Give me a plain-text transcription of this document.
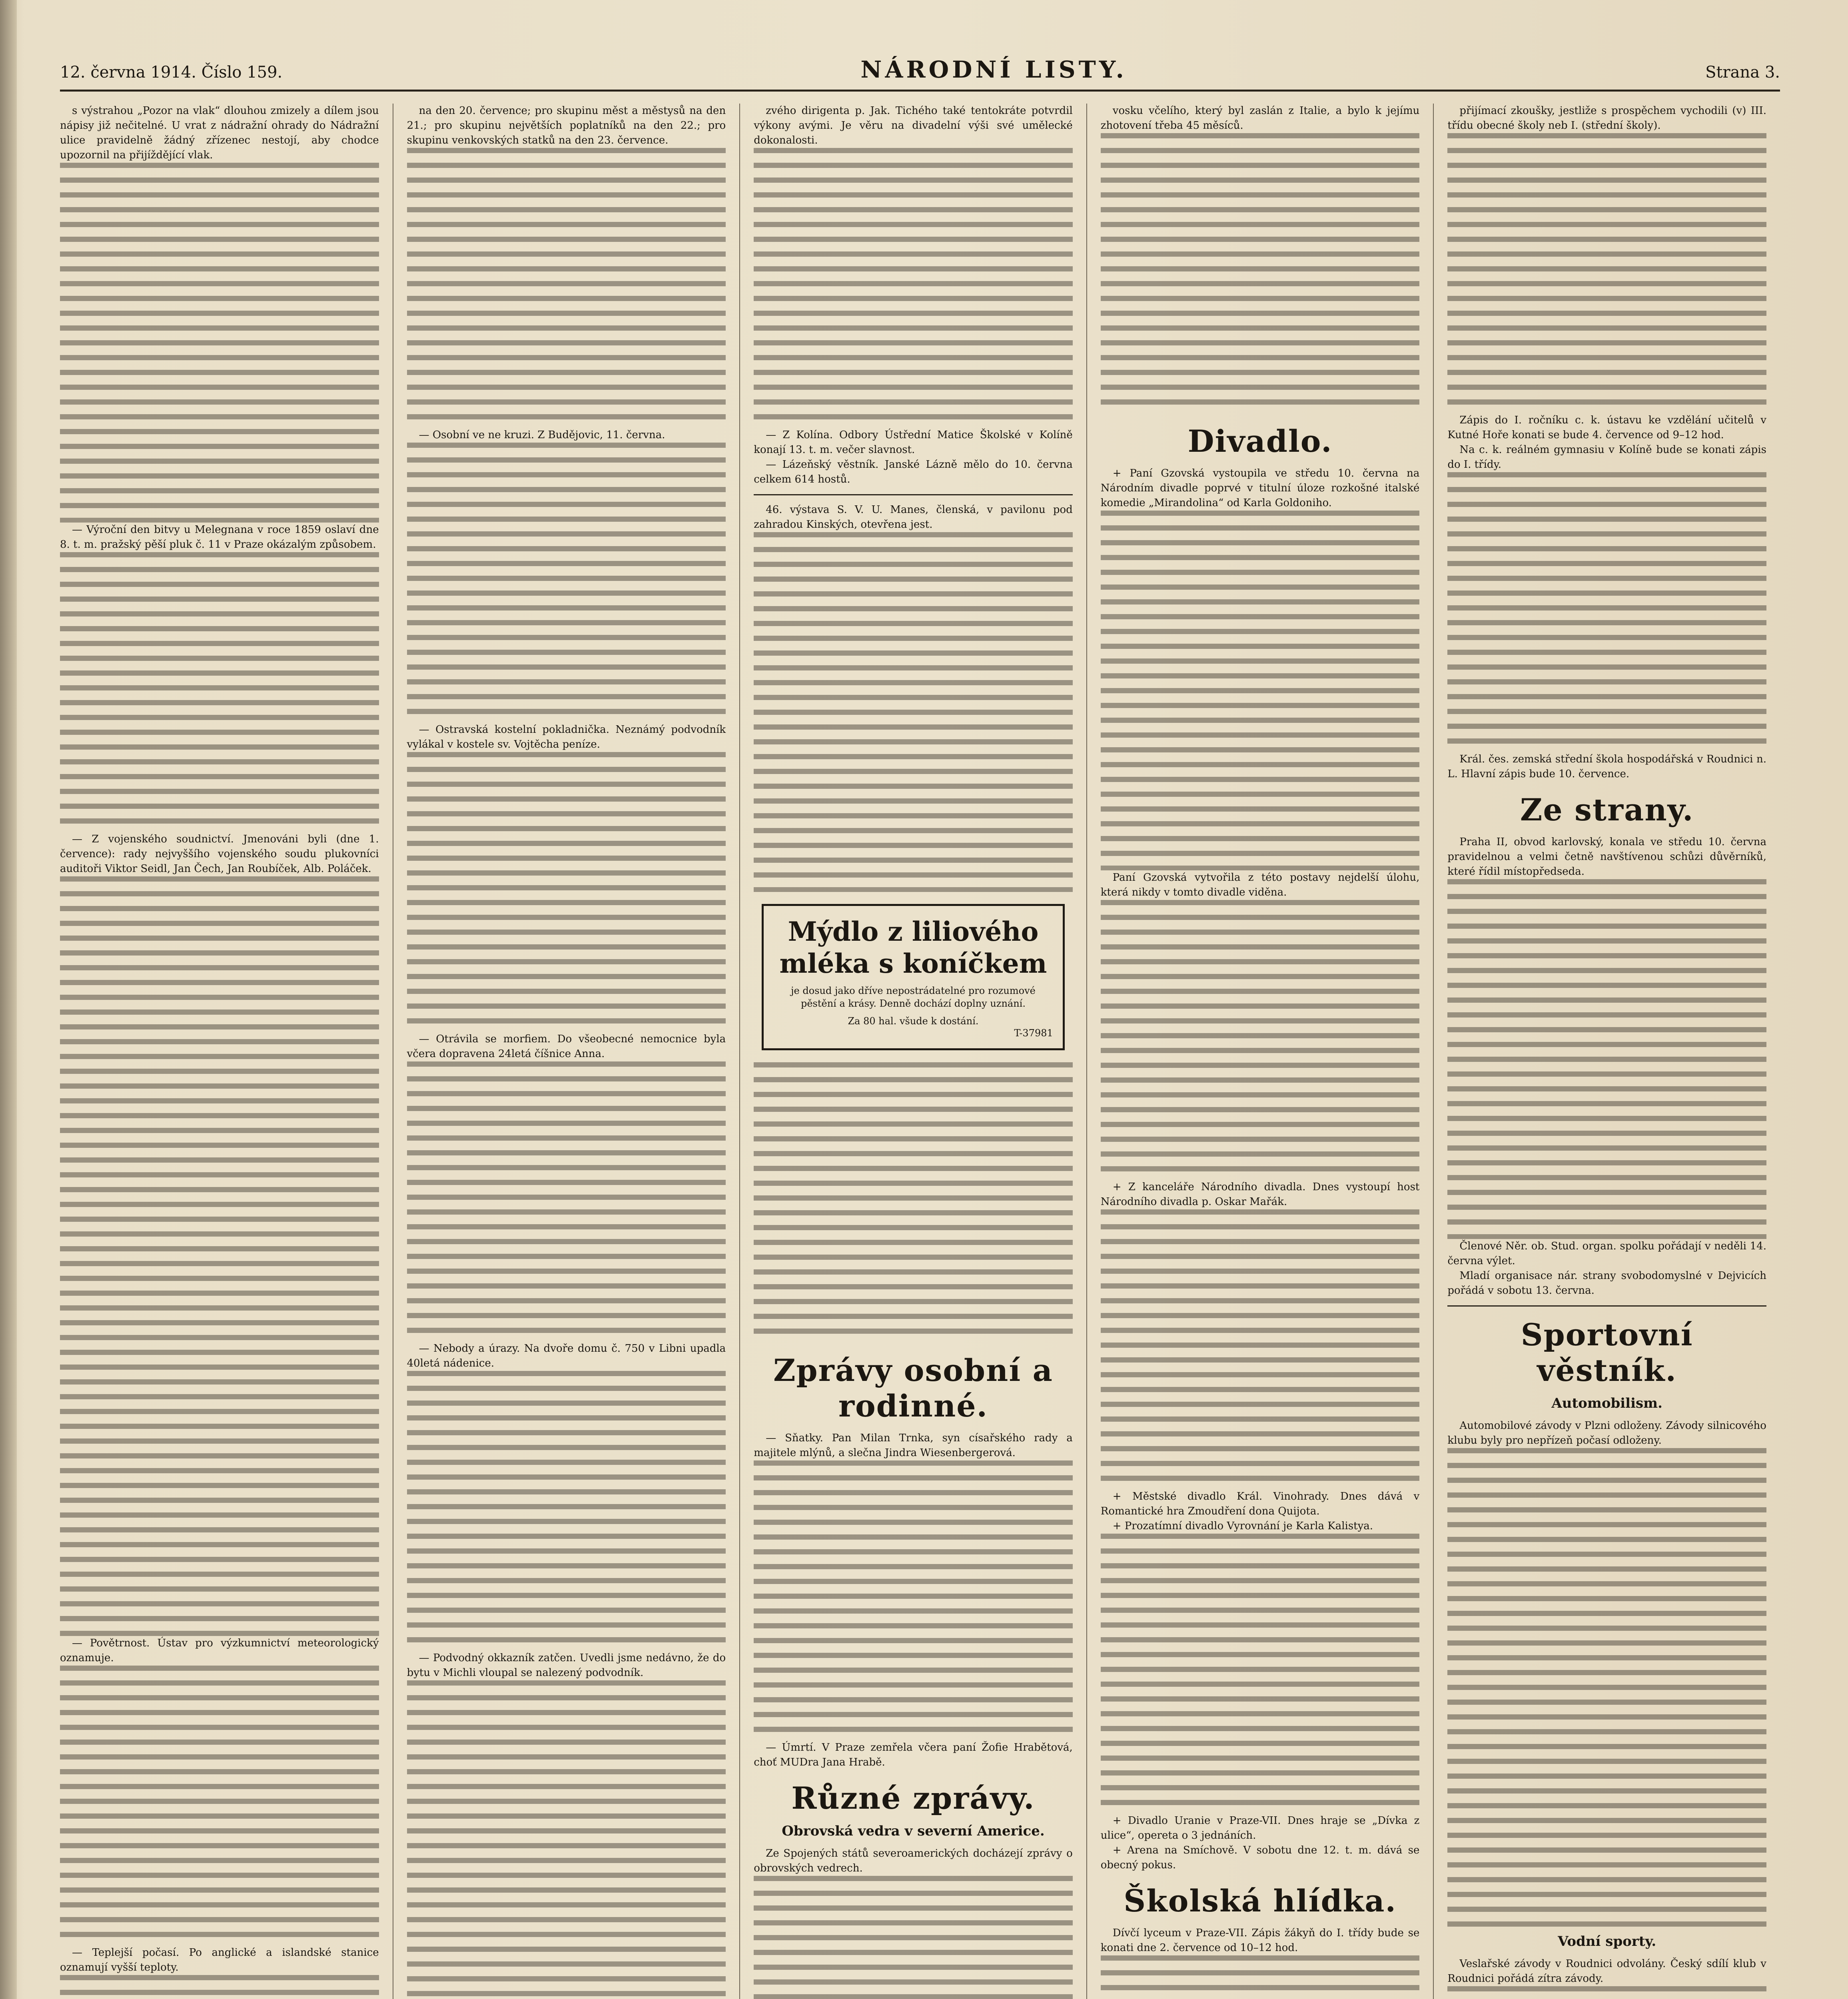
12. června 1914. Číslo 159.	NÁRODNÍ LISTY.	Strana 3.

s výstrahou „Pozor na vlak“ dlouhou zmizely a dílem jsou nápisy již nečitelné. U vrat z nádražní ohrady do Nádražní ulice pravidelně žádný zřízenec nestojí, aby chodce upozornil na přijíždějící vlak.

— Výroční den bitvy u Melegnana v roce 1859 oslaví dne 8. t. m. pražský pěší pluk č. 11 v Praze okázalým způsobem.

— Z vojenského soudnictví. Jmenováni byli (dne 1. července): rady nejvyššího vojenského soudu plukovníci auditoři Viktor Seidl, Jan Čech, Jan Roubíček, Alb. Poláček.

— Povětrnost. Ústav pro výzkumnictví meteorologický oznamuje.

— Teplejší počasí. Po anglické a islandské stanice oznamují vyšší teploty.

na den 20. července; pro skupinu měst a městysů na den 21.; pro skupinu největších poplatníků na den 22.; pro skupinu venkovských statků na den 23. července.

— Osobní ve ne kruzi. Z Budějovic, 11. června.

— Ostravská kostelní pokladnička. Neznámý podvodník vylákal v kostele sv. Vojtěcha peníze.

— Otrávila se morfiem. Do všeobecné nemocnice byla včera dopravena 24letá číšnice Anna.

— Nebody a úrazy. Na dvoře domu č. 750 v Libni upadla 40letá nádenice.

— Podvodný okkazník zatčen. Uvedli jsme nedávno, že do bytu v Michli vloupal se nalezený podvodník.

zvého dirigenta p. Jak. Tichého také tentokráte potvrdil výkony avými. Je věru na divadelní výši své umělecké dokonalosti.

— Z Kolína. Odbory Ústřední Matice Školské v Kolíně konají 13. t. m. večer slavnost.

— Lázeňský věstník. Janské Lázně mělo do 10. června celkem 614 hostů.

46. výstava S. V. U. Manes, členská, v pavilonu pod zahradou Kinských, otevřena jest.

Mýdlo z liliového mléka s koníčkem
je dosud jako dříve nepostrádatelné pro rozumové pěstění a krásy. Denně dochází doplny uznání.
Za 80 hal. všude k dostání.
T-37981
Zprávy osobní a rodinné.

— Sňatky. Pan Milan Trnka, syn císařského rady a majitele mlýnů, a slečna Jindra Wiesenbergerová.

— Úmrtí. V Praze zemřela včera paní Žofie Hrabětová, choť MUDra Jana Hrabě.

Různé zprávy.
Obrovská vedra v severní Americe.

Ze Spojených států severoamerických docházejí zprávy o obrovských vedrech.

vosku včelího, který byl zaslán z Italie, a bylo k jejímu zhotovení třeba 45 měsíců.

Divadlo.

+ Paní Gzovská vystoupila ve středu 10. června na Národním divadle poprvé v titulní úloze rozkošné italské komedie „Mirandolina“ od Karla Goldoniho.

Paní Gzovská vytvořila z této postavy nejdelší úlohu, která nikdy v tomto divadle viděna.

+ Z kanceláře Národního divadla. Dnes vystoupí host Národního divadla p. Oskar Mařák.

+ Městské divadlo Král. Vinohrady. Dnes dává v Romantické hra Zmoudření dona Quijota.

+ Prozatímní divadlo Vyrovnání je Karla Kalistya.

+ Divadlo Uranie v Praze-VII. Dnes hraje se „Dívka z ulice“, opereta o 3 jednáních.

+ Arena na Smíchově. V sobotu dne 12. t. m. dává se obecný pokus.

Školská hlídka.

Dívčí lyceum v Praze-VII. Zápis žákyň do I. třídy bude se konati dne 2. července od 10–12 hod.

přijímací zkoušky, jestliže s prospěchem vychodili (v) III. třídu obecné školy neb I. (střední školy).

Zápis do I. ročníku c. k. ústavu ke vzdělání učitelů v Kutné Hoře konati se bude 4. července od 9–12 hod.

Na c. k. reálném gymnasiu v Kolíně bude se konati zápis do I. třídy.

Král. čes. zemská střední škola hospodářská v Roudnici n. L. Hlavní zápis bude 10. července.

Ze strany.

Praha II, obvod karlovský, konala ve středu 10. června pravidelnou a velmi četně navštívenou schůzi důvěrníků, které řídil místopředseda.

Členové Něr. ob. Stud. organ. spolku pořádají v neděli 14. června výlet.

Mladí organisace nár. strany svobodomyslné v Dejvicích pořádá v sobotu 13. června.

Sportovní věstník.
Automobilism.

Automobilové závody v Plzni odloženy. Závody silnicového klubu byly pro nepřízeň počasí odloženy.

Vodní sporty.

Veslařské závody v Roudnici odvolány. Český sdílí klub v Roudnici pořádá zítra závody.
